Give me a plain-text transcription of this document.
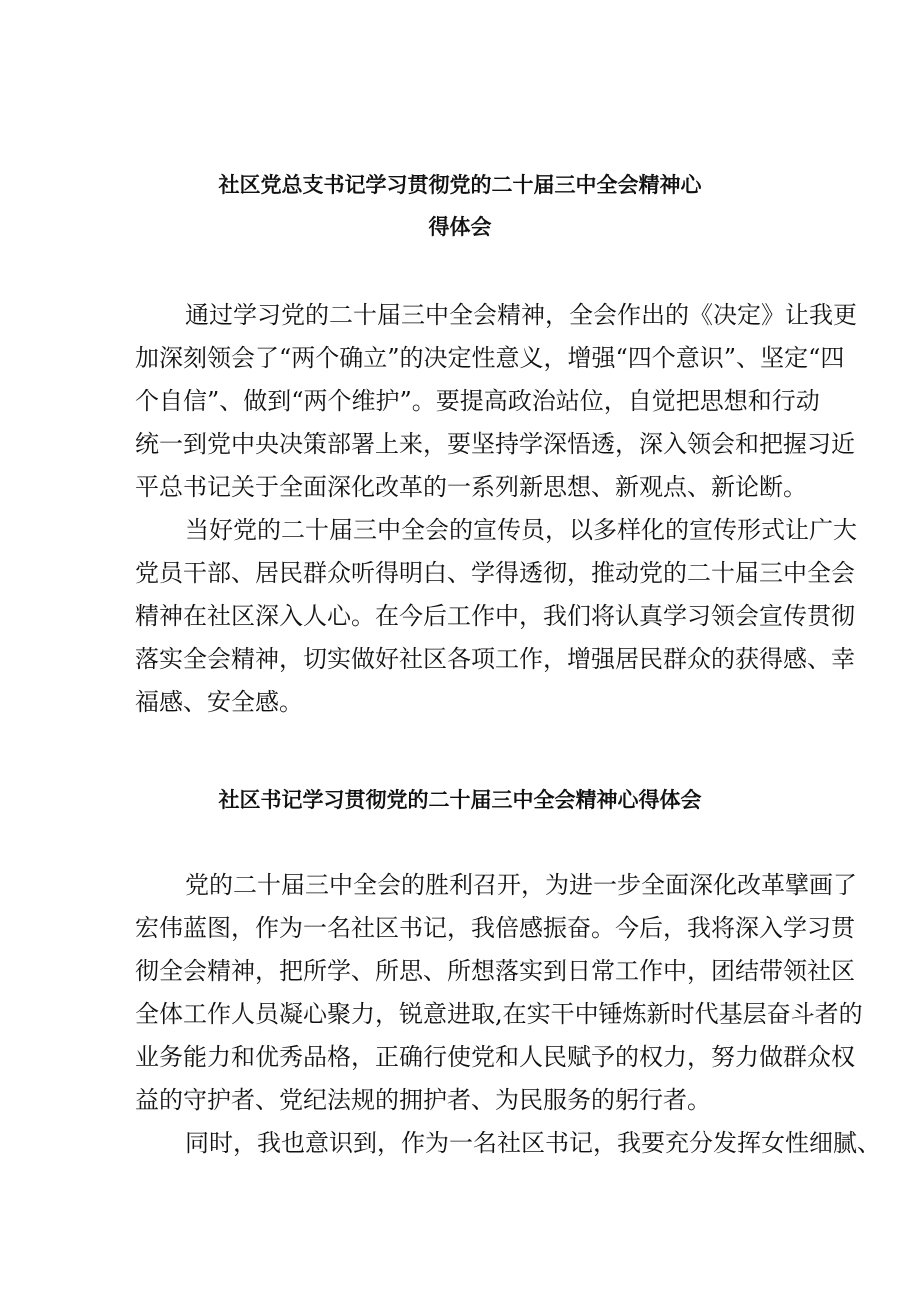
社区党总支书记学习贯彻党的二十届三中全会精神心
得体会
通过学习党的二十届三中全会精神，全会作出的《决定》让我更
加深刻领会了“两个确立”的决定性意义，增强“四个意识”、坚定“四
个自信”、做到“两个维护”。要提高政治站位，自觉把思想和行动
统一到党中央决策部署上来，要坚持学深悟透，深入领会和把握习近
平总书记关于全面深化改革的一系列新思想、新观点、新论断。
当好党的二十届三中全会的宣传员，以多样化的宣传形式让广大
党员干部、居民群众听得明白、学得透彻，推动党的二十届三中全会
精神在社区深入人心。在今后工作中，我们将认真学习领会宣传贯彻
落实全会精神，切实做好社区各项工作，增强居民群众的获得感、幸
福感、安全感。
社区书记学习贯彻党的二十届三中全会精神心得体会
党的二十届三中全会的胜利召开，为进一步全面深化改革擘画了
宏伟蓝图，作为一名社区书记，我倍感振奋。今后，我将深入学习贯
彻全会精神，把所学、所思、所想落实到日常工作中，团结带领社区
全体工作人员凝心聚力，锐意进取,在实干中锤炼新时代基层奋斗者的
业务能力和优秀品格，正确行使党和人民赋予的权力，努力做群众权
益的守护者、党纪法规的拥护者、为民服务的躬行者。
同时，我也意识到，作为一名社区书记，我要充分发挥女性细腻、
